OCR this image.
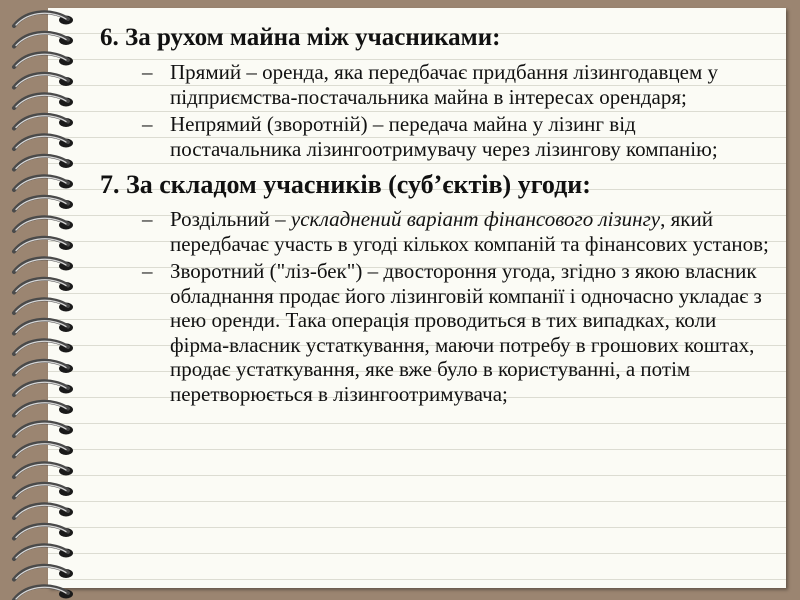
6. За рухом майна між учасниками:
– Прямий – оренда, яка передбачає придбання лізингодавцем у підприємства-постачальника майна в інтересах орендаря;
– Непрямий (зворотній) – передача майна у лізинг від постачальника лізингоотримувачу через лізингову компанію;
7. За складом учасників (суб’єктів) угоди:
– Роздільний – ускладнений варіант фінансового лізингу, який передбачає участь в угоді кількох компаній та фінансових установ;
– Зворотний ("ліз-бек") – двостороння угода, згідно з якою власник обладнання продає його лізинговій компанії і одночасно укладає з нею оренди. Така операція проводиться в тих випадках, коли фірма-власник устаткування, маючи потребу в грошових коштах, продає устаткування, яке вже було в користуванні, а потім перетворюється в лізингоотримувача;
